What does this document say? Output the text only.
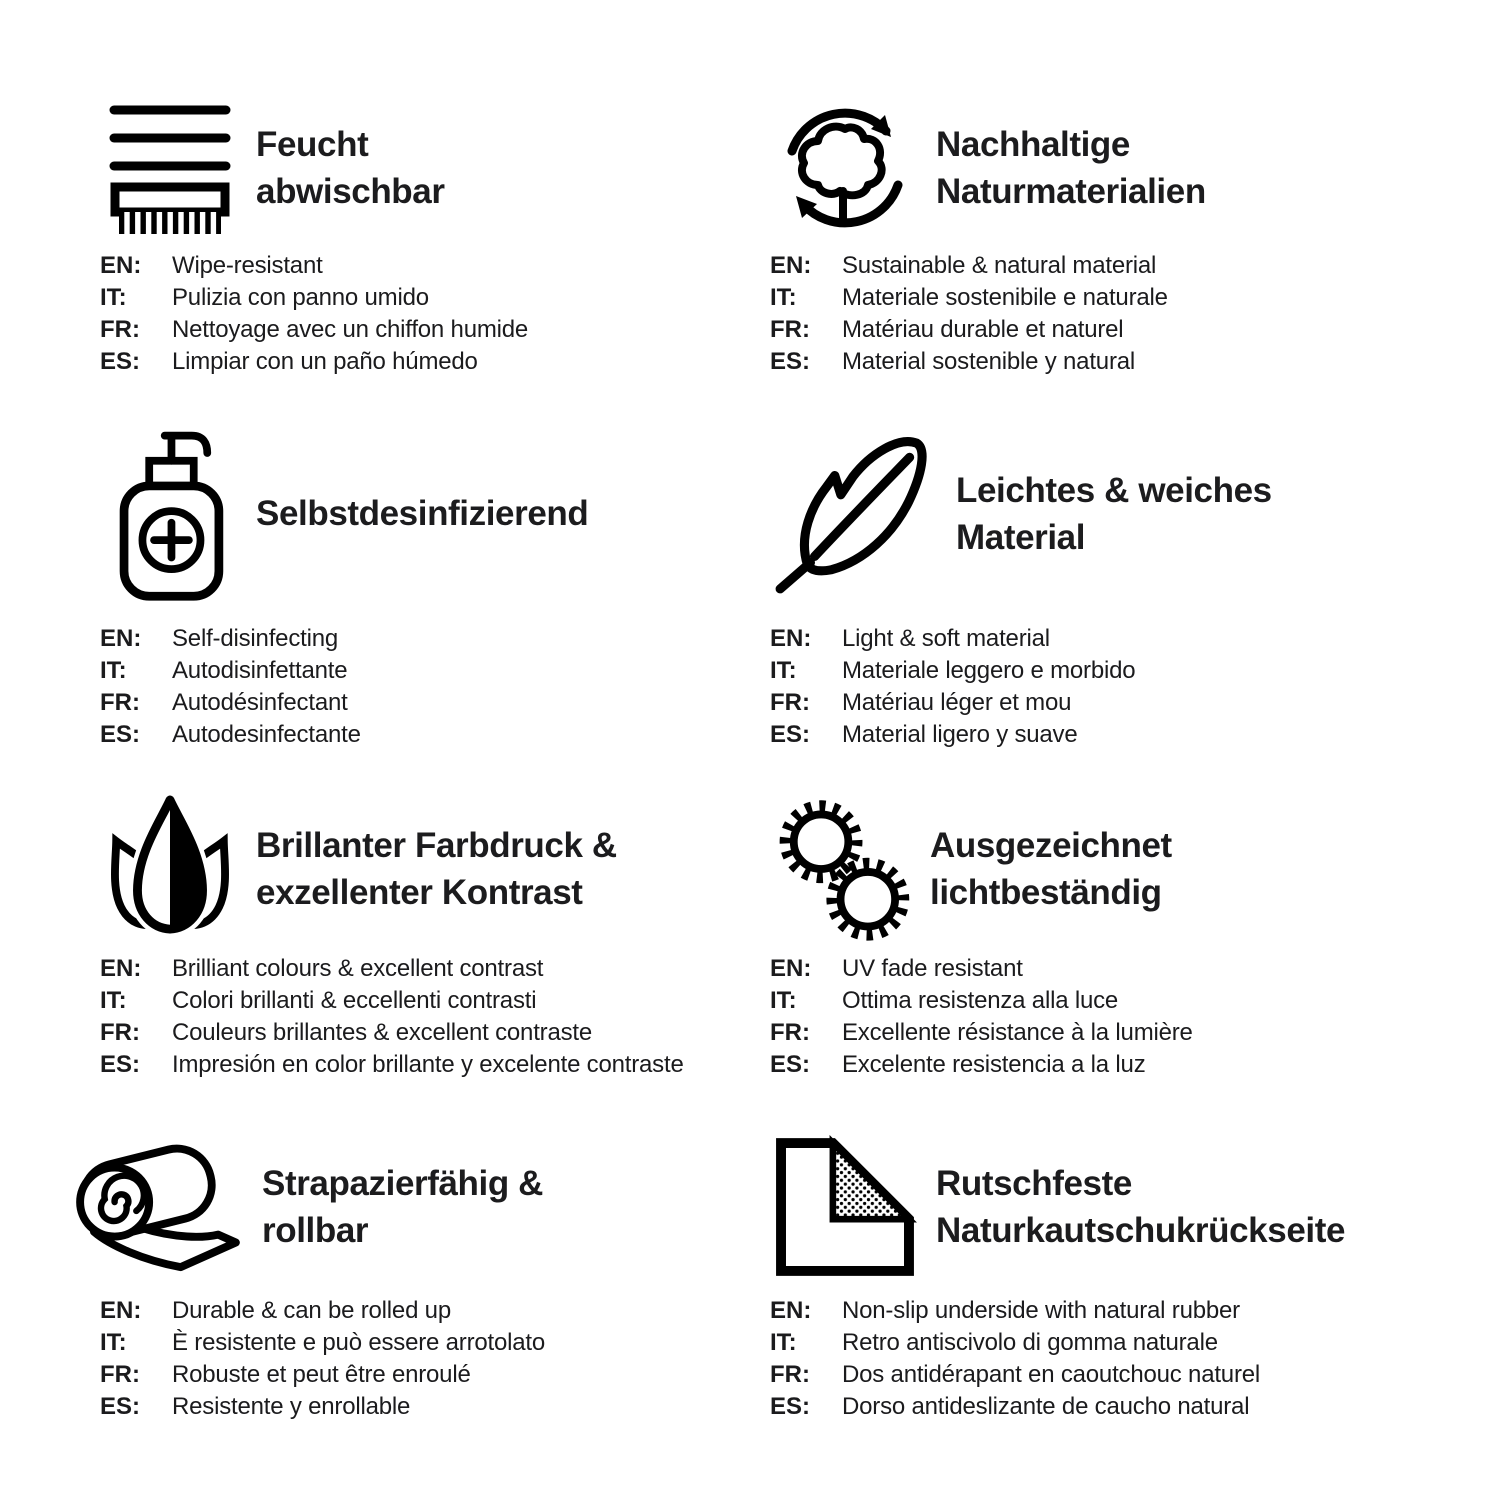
Feucht
abwischbar
EN:	Wipe-resistant
IT:	Pulizia con panno umido
FR:	Nettoyage avec un chiffon humide
ES:	Limpiar con un paño húmedo
Nachhaltige
Naturmaterialien
EN:	Sustainable & natural material
IT:	Materiale sostenibile e naturale
FR:	Matériau durable et naturel
ES:	Material sostenible y natural
Selbstdesinfizierend
EN:	Self-disinfecting
IT:	Autodisinfettante
FR:	Autodésinfectant
ES:	Autodesinfectante
Leichtes & weiches
Material
EN:	Light & soft material
IT:	Materiale leggero e morbido
FR:	Matériau léger et mou
ES:	Material ligero y suave
Brillanter Farbdruck &
exzellenter Kontrast
EN:	Brilliant colours & excellent contrast
IT:	Colori brillanti & eccellenti contrasti
FR:	Couleurs brillantes & excellent contraste
ES:	Impresión en color brillante y excelente contraste
Ausgezeichnet
lichtbeständig
EN:	UV fade resistant
IT:	Ottima resistenza alla luce
FR:	Excellente résistance à la lumière
ES:	Excelente resistencia a la luz
Strapazierfähig &
rollbar
EN:	Durable & can be rolled up
IT:	È resistente e può essere arrotolato
FR:	Robuste et peut être enroulé
ES:	Resistente y enrollable
Rutschfeste
Naturkautschukrückseite
EN:	Non-slip underside with natural rubber
IT:	Retro antiscivolo di gomma naturale
FR:	Dos antidérapant en caoutchouc naturel
ES:	Dorso antideslizante de caucho natural
